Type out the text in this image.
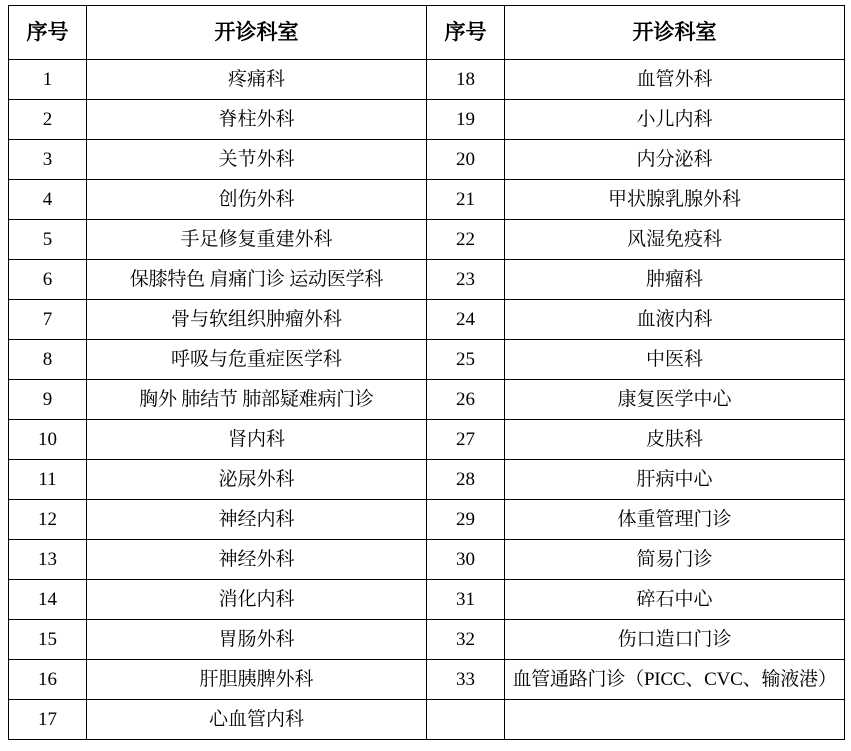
序号	开诊科室	序号	开诊科室
1	疼痛科	18	血管外科
2	脊柱外科	19	小儿内科
3	关节外科	20	内分泌科
4	创伤外科	21	甲状腺乳腺外科
5	手足修复重建外科	22	风湿免疫科
6	保膝特色 肩痛门诊 运动医学科	23	肿瘤科
7	骨与软组织肿瘤外科	24	血液内科
8	呼吸与危重症医学科	25	中医科
9	胸外 肺结节 肺部疑难病门诊	26	康复医学中心
10	肾内科	27	皮肤科
11	泌尿外科	28	肝病中心
12	神经内科	29	体重管理门诊
13	神经外科	30	简易门诊
14	消化内科	31	碎石中心
15	胃肠外科	32	伤口造口门诊
16	肝胆胰脾外科	33	血管通路门诊（PICC、CVC、输液港）
17	心血管内科		
